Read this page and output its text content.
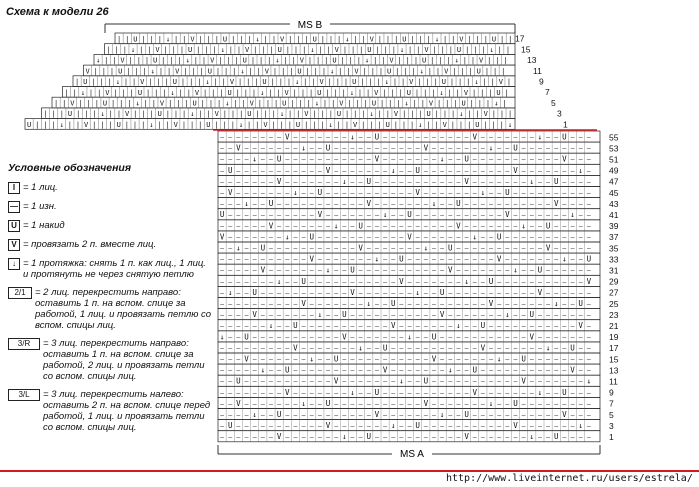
Схема к модели 26
| | U | | | ↓ | | V | | | U | | | ↓ | | V | | | U | | | ↓ | | V | | | U | | | ↓ | | V | | | U | |
| | | ↓ | | V | | | U | | | ↓ | | V | | | U | | | ↓ | | V | | | U | | | ↓ | | V | | | U | | | ↓ | |
↓ | | V | | | U | | | ↓ | | V | | | U | | | ↓ | | V | | | U | | | ↓ | | V | | | U | | | ↓ | | V | | |
V | | | U | | | ↓ | | V | | | U | | | ↓ | | V | | | U | | | ↓ | | V | | | U | | | ↓ | | V | | | U | | |
| U | | | ↓ | | V | | | U | | | ↓ | | V | | | U | | | ↓ | | V | | | U | | | ↓ | | V | | | U | | | ↓ | | V |
| | ↓ | | V | | | U | | | ↓ | | V | | | U | | | ↓ | | V | | | U | | | ↓ | | V | | | U | | | ↓ | | V | | | U |
| | V | | | U | | | ↓ | | V | | | U | | | ↓ | | V | | | U | | | ↓ | | V | | | U | | | ↓ | | V | | | U | | | ↓ |
| | | U | | | ↓ | | V | | | U | | | ↓ | | V | | | U | | | ↓ | | V | | | U | | | ↓ | | V | | | U | | | ↓ | | V | | |
U | | | ↓ | | V | | | U | | | ↓ | | V | | | U | | | ↓ | | V | | | U | | | ↓ | | V | | | U | | | ↓ | | V | | | U | | | ↓
— — — — — — — — V — — — — — — — ↓ — — U — — — — — — — — — — — V — — — — — — — ↓ — — U — — —
— — V — — — — — — — ↓ — — U — — — — — — — — — — — V — — — — — — — ↓ — — U — — — — — — — — —
— — — — ↓ — — U — — — — — — — — — — — V — — — — — — — ↓ — — U — — — — — — — — — — — V — — —
— U — — — — — — — — — — — V — — — — — — — ↓ — — U — — — — — — — — — — — V — — — — — — — ↓ —
— — — — — — — V — — — — — — — ↓ — — U — — — — — — — — — — — V — — — — — — — ↓ — — U — — — —
— V — — — — — — — ↓ — — U — — — — — — — — — — — V — — — — — — — ↓ — — U — — — — — — — — — —
— — — ↓ — — U — — — — — — — — — — — V — — — — — — — ↓ — — U — — — — — — — — — — — V — — — —
U — — — — — — — — — — — V — — — — — — — ↓ — — U — — — — — — — — — — — V — — — — — — — ↓ — —
— — — — — — V — — — — — — — ↓ — — U — — — — — — — — — — — V — — — — — — — ↓ — — U — — — — —
V — — — — — — — ↓ — — U — — — — — — — — — — — V — — — — — — — ↓ — — U — — — — — — — — — — —
— — ↓ — — U — — — — — — — — — — — V — — — — — — — ↓ — — U — — — — — — — — — — — V — — — — —
— — — — — — — — — — — V — — — — — — — ↓ — — U — — — — — — — — — — — V — — — — — — — ↓ — — U
— — — — — V — — — — — — — ↓ — — U — — — — — — — — — — — V — — — — — — — ↓ — — U — — — — — —
— — — — — — — ↓ — — U — — — — — — — — — — — V — — — — — — — ↓ — — U — — — — — — — — — — — V
— ↓ — — U — — — — — — — — — — — V — — — — — — — ↓ — — U — — — — — — — — — — — V — — — — — —
— — — — — — — — — — V — — — — — — — ↓ — — U — — — — — — — — — — — V — — — — — — — ↓ — — U —
— — — — V — — — — — — — ↓ — — U — — — — — — — — — — — V — — — — — — — ↓ — — U — — — — — — —
— — — — — — ↓ — — U — — — — — — — — — — — V — — — — — — — ↓ — — U — — — — — — — — — — — V —
↓ — — U — — — — — — — — — — — V — — — — — — — ↓ — — U — — — — — — — — — — — V — — — — — — —
— — — — — — — — — V — — — — — — — ↓ — — U — — — — — — — — — — — V — — — — — — — ↓ — — U — —
— — — V — — — — — — — ↓ — — U — — — — — — — — — — — V — — — — — — — ↓ — — U — — — — — — — —
— — — — — ↓ — — U — — — — — — — — — — — V — — — — — — — ↓ — — U — — — — — — — — — — — V — —
— — U — — — — — — — — — — — V — — — — — — — ↓ — — U — — — — — — — — — — — V — — — — — — — ↓
— — — — — — — — V — — — — — — — ↓ — — U — — — — — — — — — — — V — — — — — — — ↓ — — U — — —
— — V — — — — — — — ↓ — — U — — — — — — — — — — — V — — — — — — — ↓ — — U — — — — — — — — —
— — — — ↓ — — U — — — — — — — — — — — V — — — — — — — ↓ — — U — — — — — — — — — — — V — — —
— U — — — — — — — — — — — V — — — — — — — ↓ — — U — — — — — — — — — — — V — — — — — — — ↓ —
— — — — — — — V — — — — — — — ↓ — — U — — — — — — — — — — — V — — — — — — — ↓ — — U — — — —
17
15
13
11
9
7
5
3
1
55
53
51
49
47
45
43
41
39
37
35
33
31
29
27
25
23
21
19
17
15
13
11
9
7
5
3
1
MS B
MS A
Условные обозначения
I = 1 лиц.
— = 1 изн.
U = 1 накид
V = провязать 2 п. вместе лиц.
↓ = 1 протяжка: снять 1 п. как лиц., 1 лиц. и протянуть не через снятую петлю
2/1 = 2 лиц. перекрестить направо: оставить 1 п. на вспом. спице за работой, 1 лиц. и провязать петлю со вспом. спицы лиц.
3/R	= 3 лиц. перекрестить направо: оставить 1 п. на вспом. спице за работой, 2 лиц. и провязать петли со вспом. спицы лиц.
3/L	= 3 лиц. перекрестить налево: оставить 2 п. на вспом. спице перед работой, 1 лиц. и провязать петли со вспом. спицы лиц.
http://www.liveinternet.ru/users/estrela/
